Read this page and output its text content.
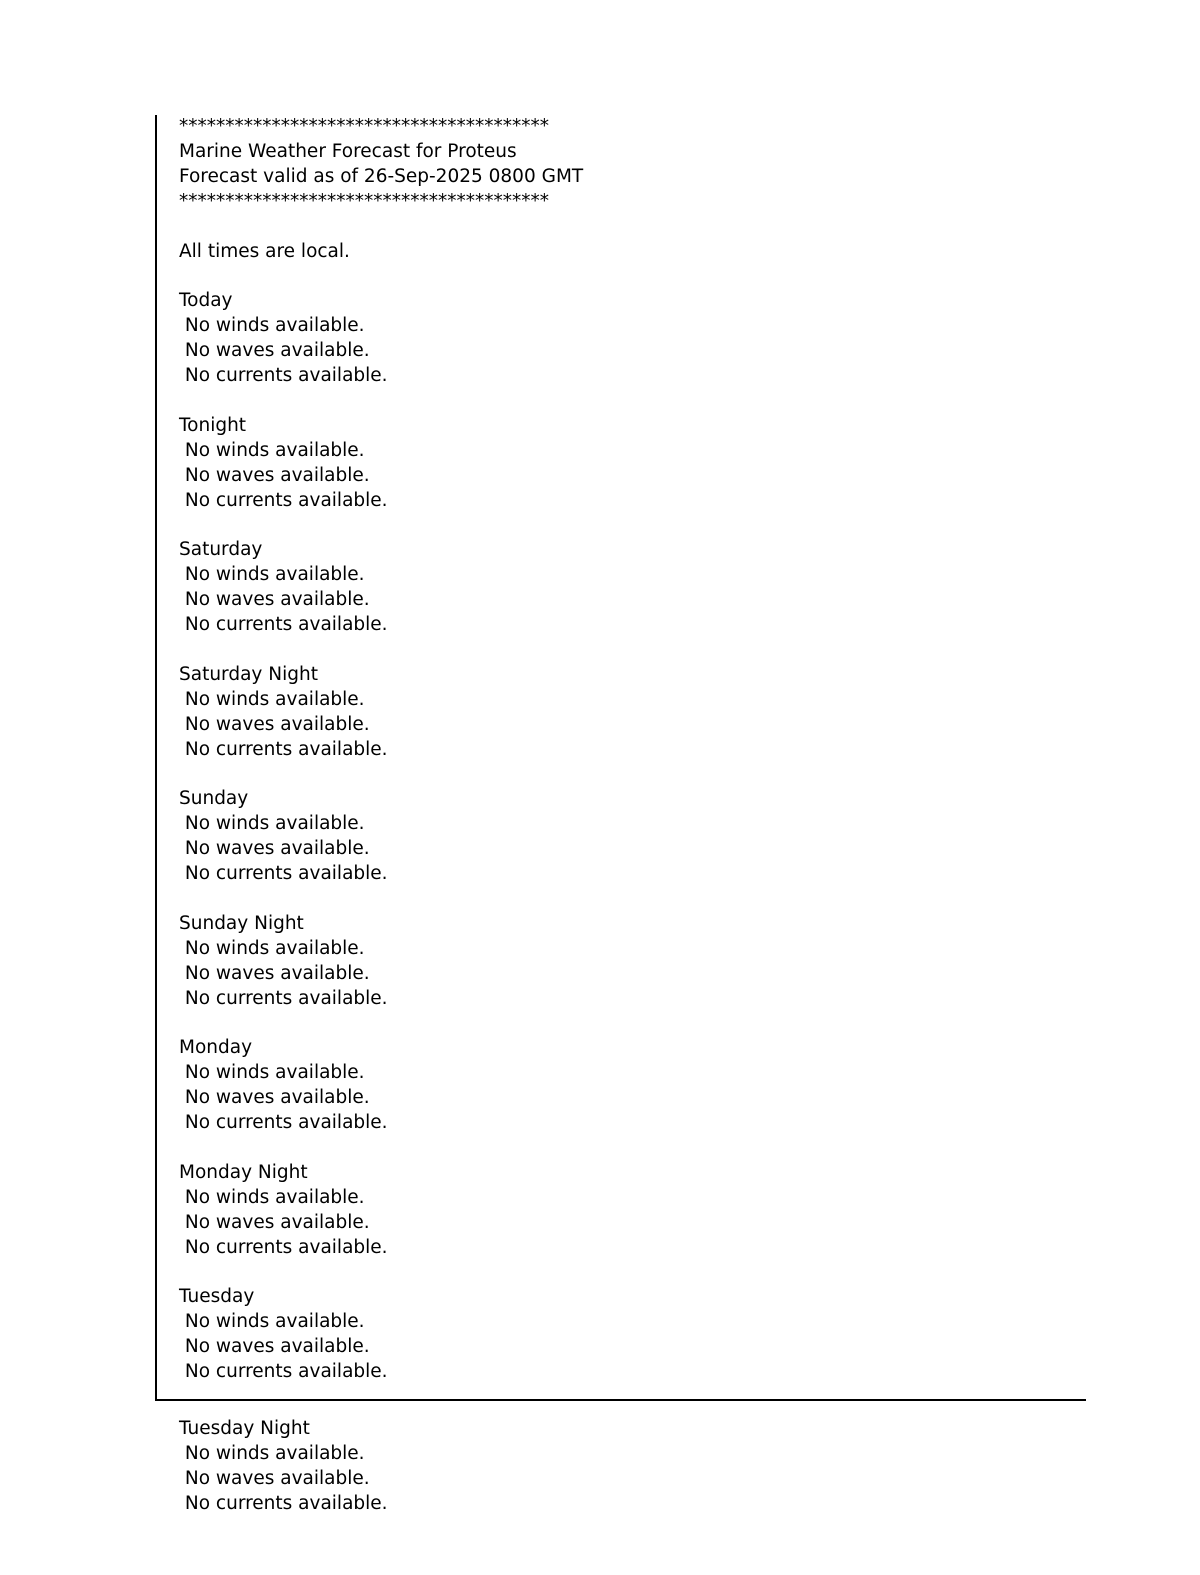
****************************************
Marine Weather Forecast for Proteus
Forecast valid as of 26-Sep-2025 0800 GMT
****************************************
All times are local.
Today
No winds available.
No waves available.
No currents available.
Tonight
No winds available.
No waves available.
No currents available.
Saturday
No winds available.
No waves available.
No currents available.
Saturday Night
No winds available.
No waves available.
No currents available.
Sunday
No winds available.
No waves available.
No currents available.
Sunday Night
No winds available.
No waves available.
No currents available.
Monday
No winds available.
No waves available.
No currents available.
Monday Night
No winds available.
No waves available.
No currents available.
Tuesday
No winds available.
No waves available.
No currents available.
Tuesday Night
No winds available.
No waves available.
No currents available.
